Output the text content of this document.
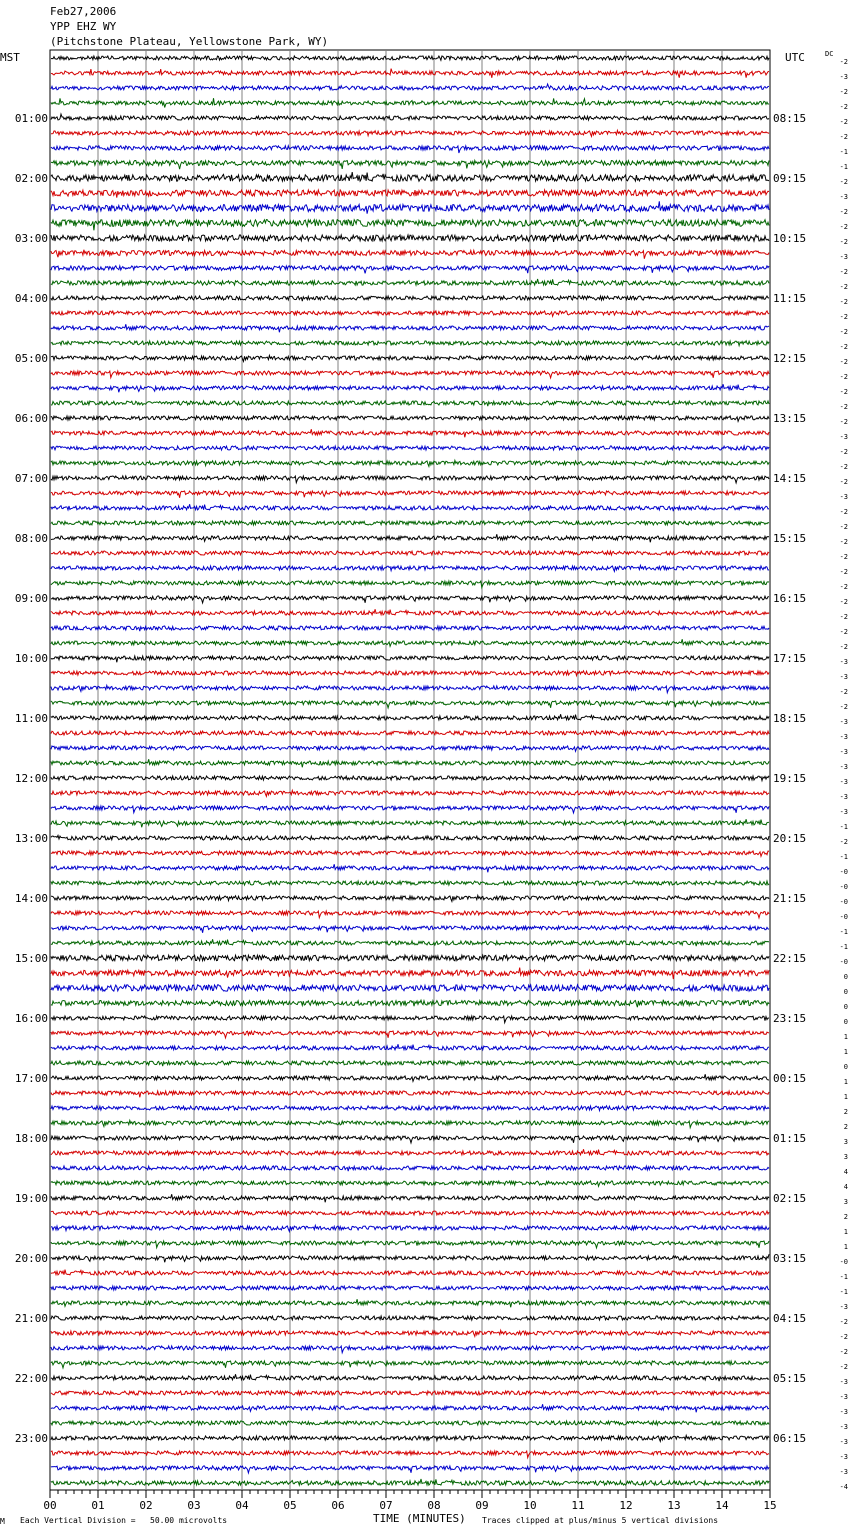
Feb27,2006
YPP EHZ WY
(Pitchstone Plateau, Yellowstone Park, WY)
00	01	02	03	04	05	06	07	08	09	10	11	12	13	14	15
-2
-3
-2
-2
-2
01:00	08:15
-2
-1
-1
-2
02:00	09:15
-3
-2
-2
-2
03:00	10:15
-3
-2
-2
-2
04:00	11:15
-2
-2
-2
-2
05:00	12:15
-2
-2
-2
-2
06:00	13:15
-3
-2
-2
-2
07:00	14:15
-3
-2
-2
-2
08:00	15:15
-2
-2
-2
-2
09:00	16:15
-2
-2
-2
-3
10:00	17:15
-3
-2
-2
-3
11:00	18:15
-3
-3
-3
-3
12:00	19:15
-3
-3
-1
-2
13:00	20:15
-1
-0
-0
-0
14:00	21:15
-0
-1
-1
-0
15:00	22:15
0
0
0
0
16:00	23:15
1
1
0
1
17:00	00:15
1
2
2
3
18:00	01:15
3
4
4
3
19:00	02:15
2
1
1
-0
20:00	03:15
-1
-1
-3
-2
21:00	04:15
-2
-2
-2
-3
22:00	05:15
-3
-3
-3
-3
23:00	06:15
-3
-3
-4
MST	UTC	DC
TIME (MINUTES)
M Each Vertical Division =   50.00 microvolts	Traces clipped at plus/minus 5 vertical divisions
